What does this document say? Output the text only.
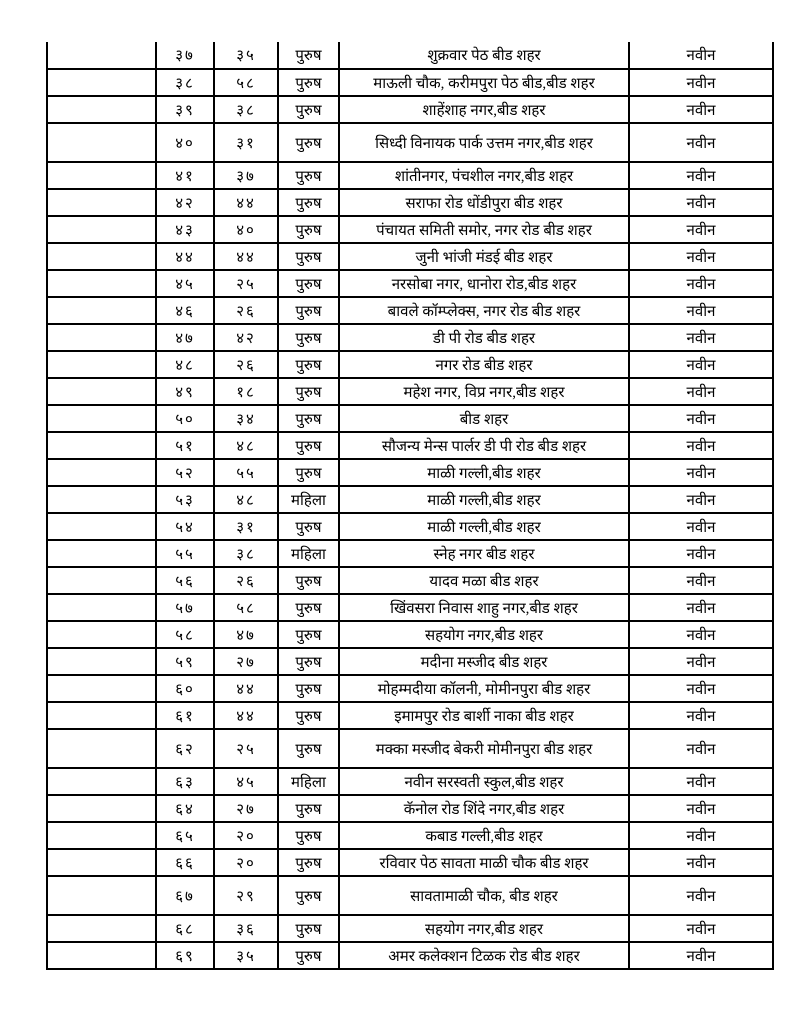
	३७	३५	पुरुष	शुक्रवार पेठ बीड शहर	नवीन
	३८	५८	पुरुष	माऊली चौक, करीमपुरा पेठ बीड,बीड शहर	नवीन
	३९	३८	पुरुष	शाहेंशाह नगर,बीड शहर	नवीन
	४०	३१	पुरुष	सिध्दी विनायक पार्क उत्तम नगर,बीड शहर	नवीन
	४१	३७	पुरुष	शांतीनगर, पंचशील नगर,बीड शहर	नवीन
	४२	४४	पुरुष	सराफा रोड धोंडीपुरा बीड शहर	नवीन
	४३	४०	पुरुष	पंचायत समिती समोर, नगर रोड बीड शहर	नवीन
	४४	४४	पुरुष	जुनी भांजी मंडई बीड शहर	नवीन
	४५	२५	पुरुष	नरसोबा नगर, धानोरा रोड,बीड शहर	नवीन
	४६	२६	पुरुष	बावले कॉम्प्लेक्स, नगर रोड बीड शहर	नवीन
	४७	४२	पुरुष	डी पी रोड बीड शहर	नवीन
	४८	२६	पुरुष	नगर रोड बीड शहर	नवीन
	४९	१८	पुरुष	महेश नगर, विप्र नगर,बीड शहर	नवीन
	५०	३४	पुरुष	बीड शहर	नवीन
	५१	४८	पुरुष	सौजन्य मेन्स पार्लर डी पी रोड बीड शहर	नवीन
	५२	५५	पुरुष	माळी गल्ली,बीड शहर	नवीन
	५३	४८	महिला	माळी गल्ली,बीड शहर	नवीन
	५४	३१	पुरुष	माळी गल्ली,बीड शहर	नवीन
	५५	३८	महिला	स्नेह नगर बीड शहर	नवीन
	५६	२६	पुरुष	यादव मळा बीड शहर	नवीन
	५७	५८	पुरुष	खिंवसरा निवास शाहु नगर,बीड शहर	नवीन
	५८	४७	पुरुष	सहयोग नगर,बीड शहर	नवीन
	५९	२७	पुरुष	मदीना मस्जीद बीड शहर	नवीन
	६०	४४	पुरुष	मोहम्मदीया कॉलनी, मोमीनपुरा बीड शहर	नवीन
	६१	४४	पुरुष	इमामपुर रोड बार्शी नाका बीड शहर	नवीन
	६२	२५	पुरुष	मक्का मस्जीद बेकरी मोमीनपुरा बीड शहर	नवीन
	६३	४५	महिला	नवीन सरस्वती स्कुल,बीड शहर	नवीन
	६४	२७	पुरुष	कॅनोल रोड शिंदे नगर,बीड शहर	नवीन
	६५	२०	पुरुष	कबाड गल्ली,बीड शहर	नवीन
	६६	२०	पुरुष	रविवार पेठ सावता माळी चौक बीड शहर	नवीन
	६७	२९	पुरुष	सावतामाळी चौक, बीड शहर	नवीन
	६८	३६	पुरुष	सहयोग नगर,बीड शहर	नवीन
	६९	३५	पुरुष	अमर कलेक्शन टिळक रोड बीड शहर	नवीन
